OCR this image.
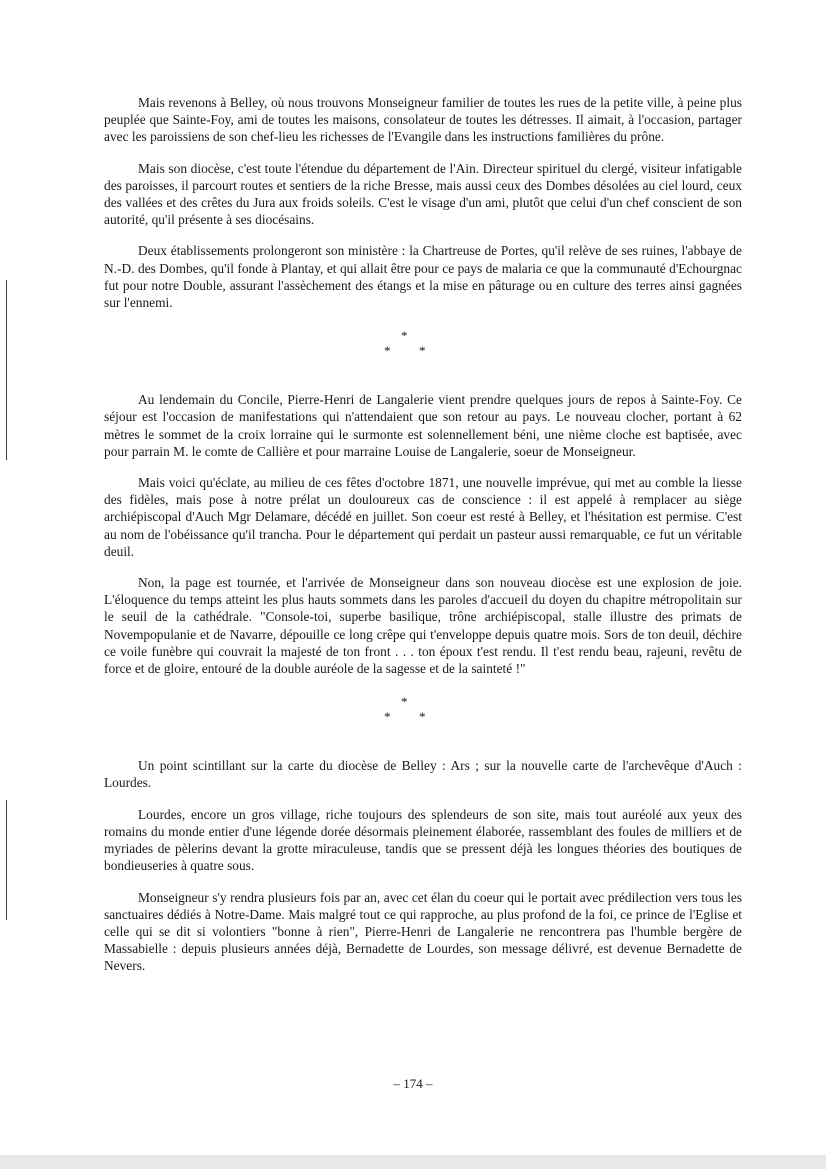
Mais revenons à Belley, où nous trouvons Monseigneur familier de toutes les rues de la petite ville, à peine plus peuplée que Sainte-Foy, ami de toutes les maisons, consolateur de toutes les détresses. Il aimait, à l'occasion, partager avec les paroissiens de son chef-lieu les richesses de l'Evangile dans les instructions familières du prône.

Mais son diocèse, c'est toute l'étendue du département de l'Ain. Directeur spirituel du clergé, visiteur infatigable des paroisses, il parcourt routes et sentiers de la riche Bresse, mais aussi ceux des Dombes désolées au ciel lourd, ceux des vallées et des crêtes du Jura aux froids soleils. C'est le visage d'un ami, plutôt que celui d'un chef conscient de son autorité, qu'il présente à ses diocésains.

Deux établissements prolongeront son ministère : la Chartreuse de Portes, qu'il relève de ses ruines, l'abbaye de N.-D. des Dombes, qu'il fonde à Plantay, et qui allait être pour ce pays de malaria ce que la communauté d'Echourgnac fut pour notre Double, assurant l'assèchement des étangs et la mise en pâturage ou en culture des terres ainsi gagnées sur l'ennemi.

*
* *

Au lendemain du Concile, Pierre-Henri de Langalerie vient prendre quelques jours de repos à Sainte-Foy. Ce séjour est l'occasion de manifestations qui n'attendaient que son retour au pays. Le nouveau clocher, portant à 62 mètres le sommet de la croix lorraine qui le surmonte est solennellement béni, une nième cloche est baptisée, avec pour parrain M. le comte de Callière et pour marraine Louise de Langalerie, soeur de Monseigneur.

Mais voici qu'éclate, au milieu de ces fêtes d'octobre 1871, une nouvelle imprévue, qui met au comble la liesse des fidèles, mais pose à notre prélat un douloureux cas de conscience : il est appelé à remplacer au siège archiépiscopal d'Auch Mgr Delamare, décédé en juillet. Son coeur est resté à Belley, et l'hésitation est permise. C'est au nom de l'obéissance qu'il trancha. Pour le département qui perdait un pasteur aussi remarquable, ce fut un véritable deuil.

Non, la page est tournée, et l'arrivée de Monseigneur dans son nouveau diocèse est une explosion de joie. L'éloquence du temps atteint les plus hauts sommets dans les paroles d'accueil du doyen du chapitre métropolitain sur le seuil de la cathédrale. "Console-toi, superbe basilique, trône archiépiscopal, stalle illustre des primats de Novempopulanie et de Navarre, dépouille ce long crêpe qui t'enveloppe depuis quatre mois. Sors de ton deuil, déchire ce voile funèbre qui couvrait la majesté de ton front . . . ton époux t'est rendu. Il t'est rendu beau, rajeuni, revêtu de force et de gloire, entouré de la double auréole de la sagesse et de la sainteté !"

*
* *

Un point scintillant sur la carte du diocèse de Belley : Ars ; sur la nouvelle carte de l'archevêque d'Auch : Lourdes.

Lourdes, encore un gros village, riche toujours des splendeurs de son site, mais tout auréolé aux yeux des romains du monde entier d'une légende dorée désormais pleinement élaborée, rassemblant des foules de milliers et de myriades de pèlerins devant la grotte miraculeuse, tandis que se pressent déjà les longues théories des boutiques de bondieuseries à quatre sous.

Monseigneur s'y rendra plusieurs fois par an, avec cet élan du coeur qui le portait avec prédilection vers tous les sanctuaires dédiés à Notre-Dame. Mais malgré tout ce qui rapproche, au plus profond de la foi, ce prince de l'Eglise et celle qui se dit si volontiers "bonne à rien", Pierre-Henri de Langalerie ne rencontrera pas l'humble bergère de Massabielle : depuis plusieurs années déjà, Bernadette de Lourdes, son message délivré, est devenue Bernadette de Nevers.

– 174 –
